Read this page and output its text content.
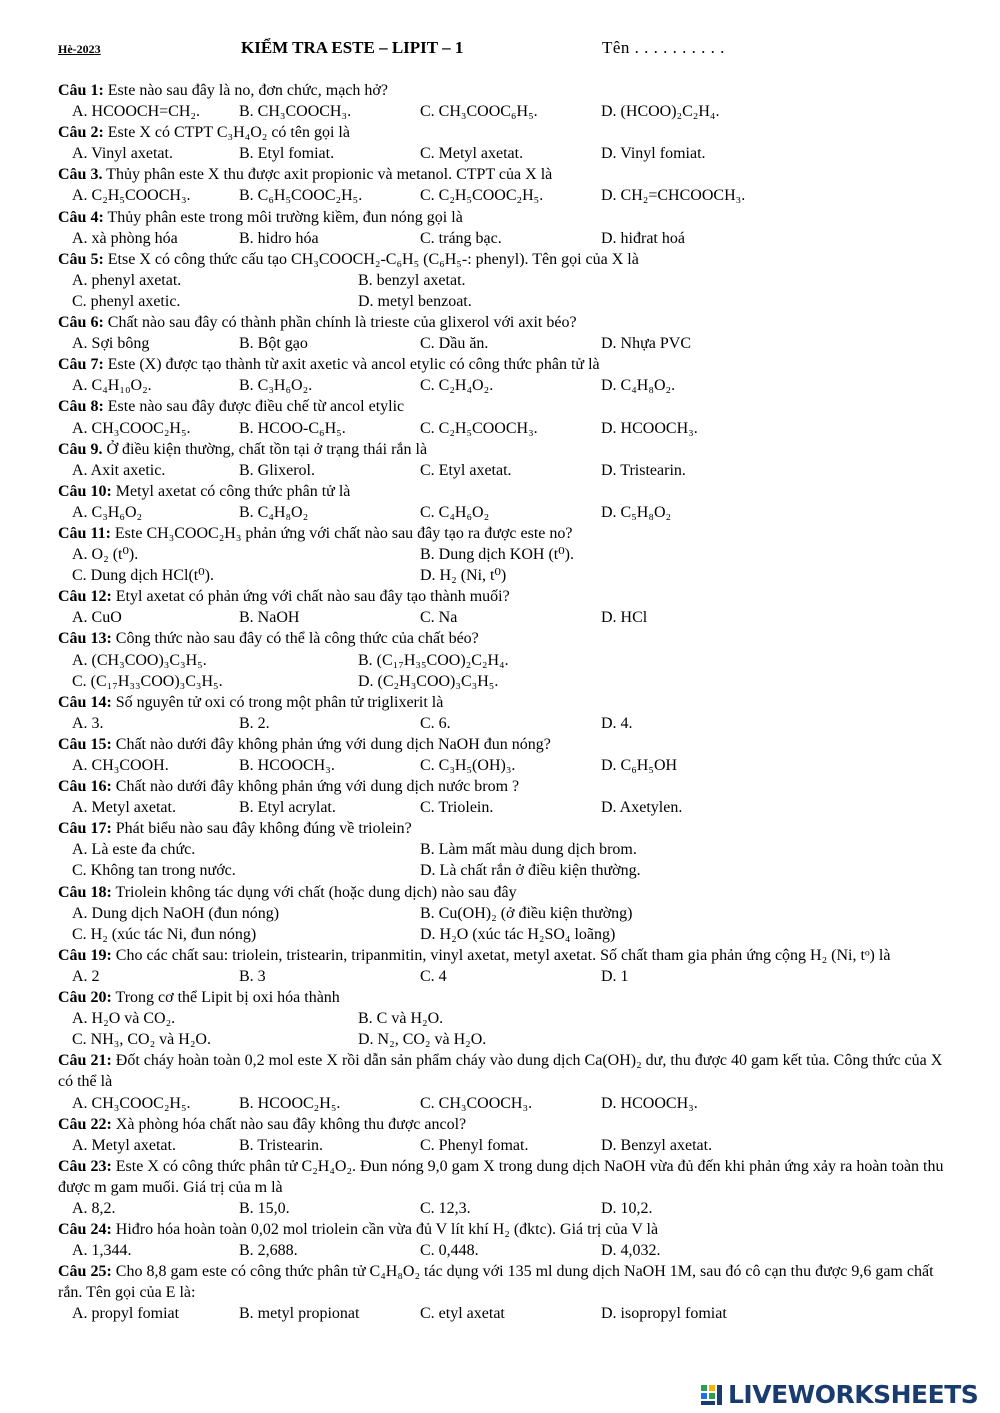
Hè-2023	KIỂM TRA ESTE – LIPIT – 1	Tên . . . . . . . . . .
Câu 1: Este nào sau đây là no, đơn chức, mạch hở?
A. HCOOCH=CH₂. B. CH₃COOCH₃.	C. CH₃COOC₆H₅.	D. (HCOO)₂C₂H₄.
Câu 2: Este X có CTPT C₃H₄O₂ có tên gọi là
A. Vinyl axetat.	B. Etyl fomiat.	C. Metyl axetat.	D. Vinyl fomiat.
Câu 3. Thủy phân este X thu được axit propionic và metanol. CTPT của X là
A. C₂H₅COOCH₃.	B. C₆H₅COOC₂H₅.	C. C₂H₅COOC₂H₅.	D. CH₂=CHCOOCH₃.
Câu 4: Thủy phân este trong môi trường kiềm, đun nóng gọi là
A. xà phòng hóa	B. hidro hóa	C. tráng bạc.	D. hiđrat hoá
Câu 5: Etse X có công thức cấu tạo CH₃COOCH₂-C₆H₅ (C₆H₅-: phenyl). Tên gọi của X là
A. phenyl axetat.	B. benzyl axetat.
C. phenyl axetic.	D. metyl benzoat.
Câu 6: Chất nào sau đây có thành phần chính là trieste của glixerol với axit béo?
A. Sợi bông	B. Bột gạo	C. Dầu ăn.	D. Nhựa PVC
Câu 7: Este (X) được tạo thành từ axit axetic và ancol etylic có công thức phân tử là
A. C₄H₁₀O₂.	B. C₃H₆O₂.	C. C₂H₄O₂.	D. C₄H₈O₂.
Câu 8: Este nào sau đây được điều chế từ ancol etylic
A. CH₃COOC₂H₅.	B. HCOO-C₆H₅.	C. C₂H₅COOCH₃.	D. HCOOCH₃.
Câu 9. Ở điều kiện thường, chất tồn tại ở trạng thái rắn là
A. Axit axetic.	B. Glixerol.	C. Etyl axetat.	D. Tristearin.
Câu 10: Metyl axetat có công thức phân tử là
A. C₃H₆O₂	B. C₄H₈O₂	C. C₄H₆O₂	D. C₅H₈O₂
Câu 11: Este CH₃COOC₂H₃ phản ứng với chất nào sau đây tạo ra được este no?
A. O₂ (t⁰).	B. Dung dịch KOH (t⁰).
C. Dung dịch HCl(t⁰).	D. H₂ (Ni, t⁰)
Câu 12: Etyl axetat có phản ứng với chất nào sau đây tạo thành muối?
A. CuO	B. NaOH	C. Na	D. HCl
Câu 13: Công thức nào sau đây có thể là công thức của chất béo?
A. (CH₃COO)₃C₃H₅.	B. (C₁₇H₃₅COO)₂C₂H₄.
C. (C₁₇H₃₃COO)₃C₃H₅.	D. (C₂H₃COO)₃C₃H₅.
Câu 14: Số nguyên tử oxi có trong một phân tử triglixerit là
A. 3.	B. 2.	C. 6.	D. 4.
Câu 15: Chất nào dưới đây không phản ứng với dung dịch NaOH đun nóng?
A. CH₃COOH.	B. HCOOCH₃.	C. C₃H₅(OH)₃.	D. C₆H₅OH
Câu 16: Chất nào dưới đây không phản ứng với dung dịch nước brom ?
A. Metyl axetat.	B. Etyl acrylat.	C. Triolein.	D. Axetylen.
Câu 17: Phát biểu nào sau đây không đúng về triolein?
A. Là este đa chức.	B. Làm mất màu dung dịch brom.
C. Không tan trong nước.	D. Là chất rắn ở điều kiện thường.
Câu 18: Triolein không tác dụng với chất (hoặc dung dịch) nào sau đây
A. Dung dịch NaOH (đun nóng)	B. Cu(OH)₂ (ở điều kiện thường)
C. H₂ (xúc tác Ni, đun nóng)	D. H₂O (xúc tác H₂SO₄ loãng)
Câu 19: Cho các chất sau: triolein, tristearin, tripanmitin, vinyl axetat, metyl axetat. Số chất tham gia phản ứng cộng H₂ (Ni, tᵒ) là
A. 2	B. 3	C. 4	D. 1
Câu 20: Trong cơ thể Lipit bị oxi hóa thành
A. H₂O và CO₂.	B. C và H₂O.
C. NH₃, CO₂ và H₂O.	D. N₂, CO₂ và H₂O.
Câu 21: Đốt cháy hoàn toàn 0,2 mol este X rồi dẫn sản phẩm cháy vào dung dịch Ca(OH)₂ dư, thu được 40 gam kết tủa. Công thức của X có thể là
A. CH₃COOC₂H₅.	B. HCOOC₂H₅.	C. CH₃COOCH₃.	D. HCOOCH₃.
Câu 22: Xà phòng hóa chất nào sau đây không thu được ancol?
A. Metyl axetat.	B. Tristearin.	C. Phenyl fomat.	D. Benzyl axetat.
Câu 23: Este X có công thức phân tử C₂H₄O₂. Đun nóng 9,0 gam X trong dung dịch NaOH vừa đủ đến khi phản ứng xảy ra hoàn toàn thu được m gam muối. Giá trị của m là
A. 8,2.	B. 15,0.	C. 12,3.	D. 10,2.
Câu 24: Hiđro hóa hoàn toàn 0,02 mol triolein cần vừa đủ V lít khí H₂ (đktc). Giá trị của V là
A. 1,344.	B. 2,688.	C. 0,448.	D. 4,032.
Câu 25: Cho 8,8 gam este có công thức phân tử C₄H₈O₂ tác dụng với 135 ml dung dịch NaOH 1M, sau đó cô cạn thu được 9,6 gam chất rắn. Tên gọi của E là:
A. propyl fomiat	B. metyl propionat	C. etyl axetat	D. isopropyl fomiat
LIVEWORKSHEETS
